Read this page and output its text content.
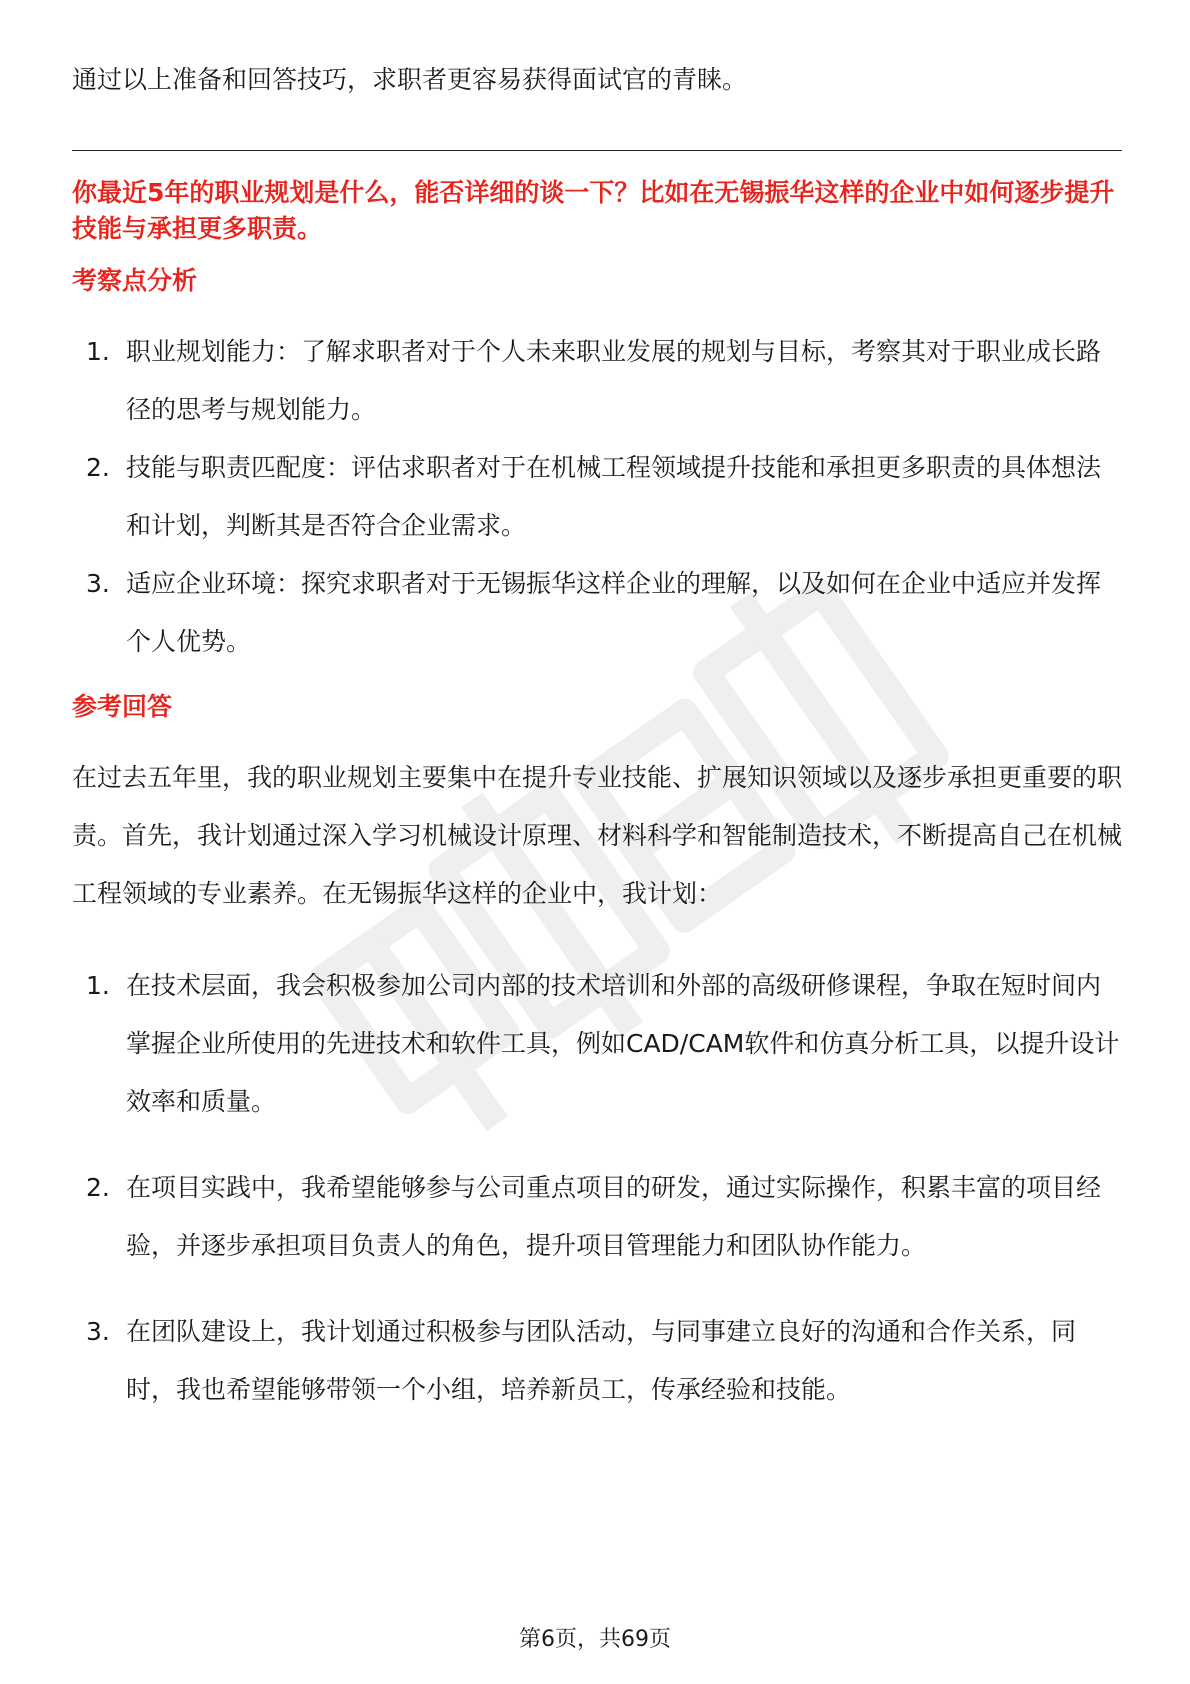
通过以上准备和回答技巧，求职者更容易获得面试官的青睐。

你最近5年的职业规划是什么，能否详细的谈一下？比如在无锡振华这样的企业中如何逐步提升技能与承担更多职责。

考察点分析

1. 职业规划能力：了解求职者对于个人未来职业发展的规划与目标，考察其对于职业成长路径的思考与规划能力。
2. 技能与职责匹配度：评估求职者对于在机械工程领域提升技能和承担更多职责的具体想法和计划，判断其是否符合企业需求。
3. 适应企业环境：探究求职者对于无锡振华这样企业的理解，以及如何在企业中适应并发挥个人优势。

参考回答

在过去五年里，我的职业规划主要集中在提升专业技能、扩展知识领域以及逐步承担更重要的职责。首先，我计划通过深入学习机械设计原理、材料科学和智能制造技术，不断提高自己在机械工程领域的专业素养。在无锡振华这样的企业中，我计划：

1. 在技术层面，我会积极参加公司内部的技术培训和外部的高级研修课程，争取在短时间内掌握企业所使用的先进技术和软件工具，例如CAD/CAM软件和仿真分析工具，以提升设计效率和质量。
2. 在项目实践中，我希望能够参与公司重点项目的研发，通过实际操作，积累丰富的项目经验，并逐步承担项目负责人的角色，提升项目管理能力和团队协作能力。
3. 在团队建设上，我计划通过积极参与团队活动，与同事建立良好的沟通和合作关系，同时，我也希望能够带领一个小组，培养新员工，传承经验和技能。
第6页，共69页
